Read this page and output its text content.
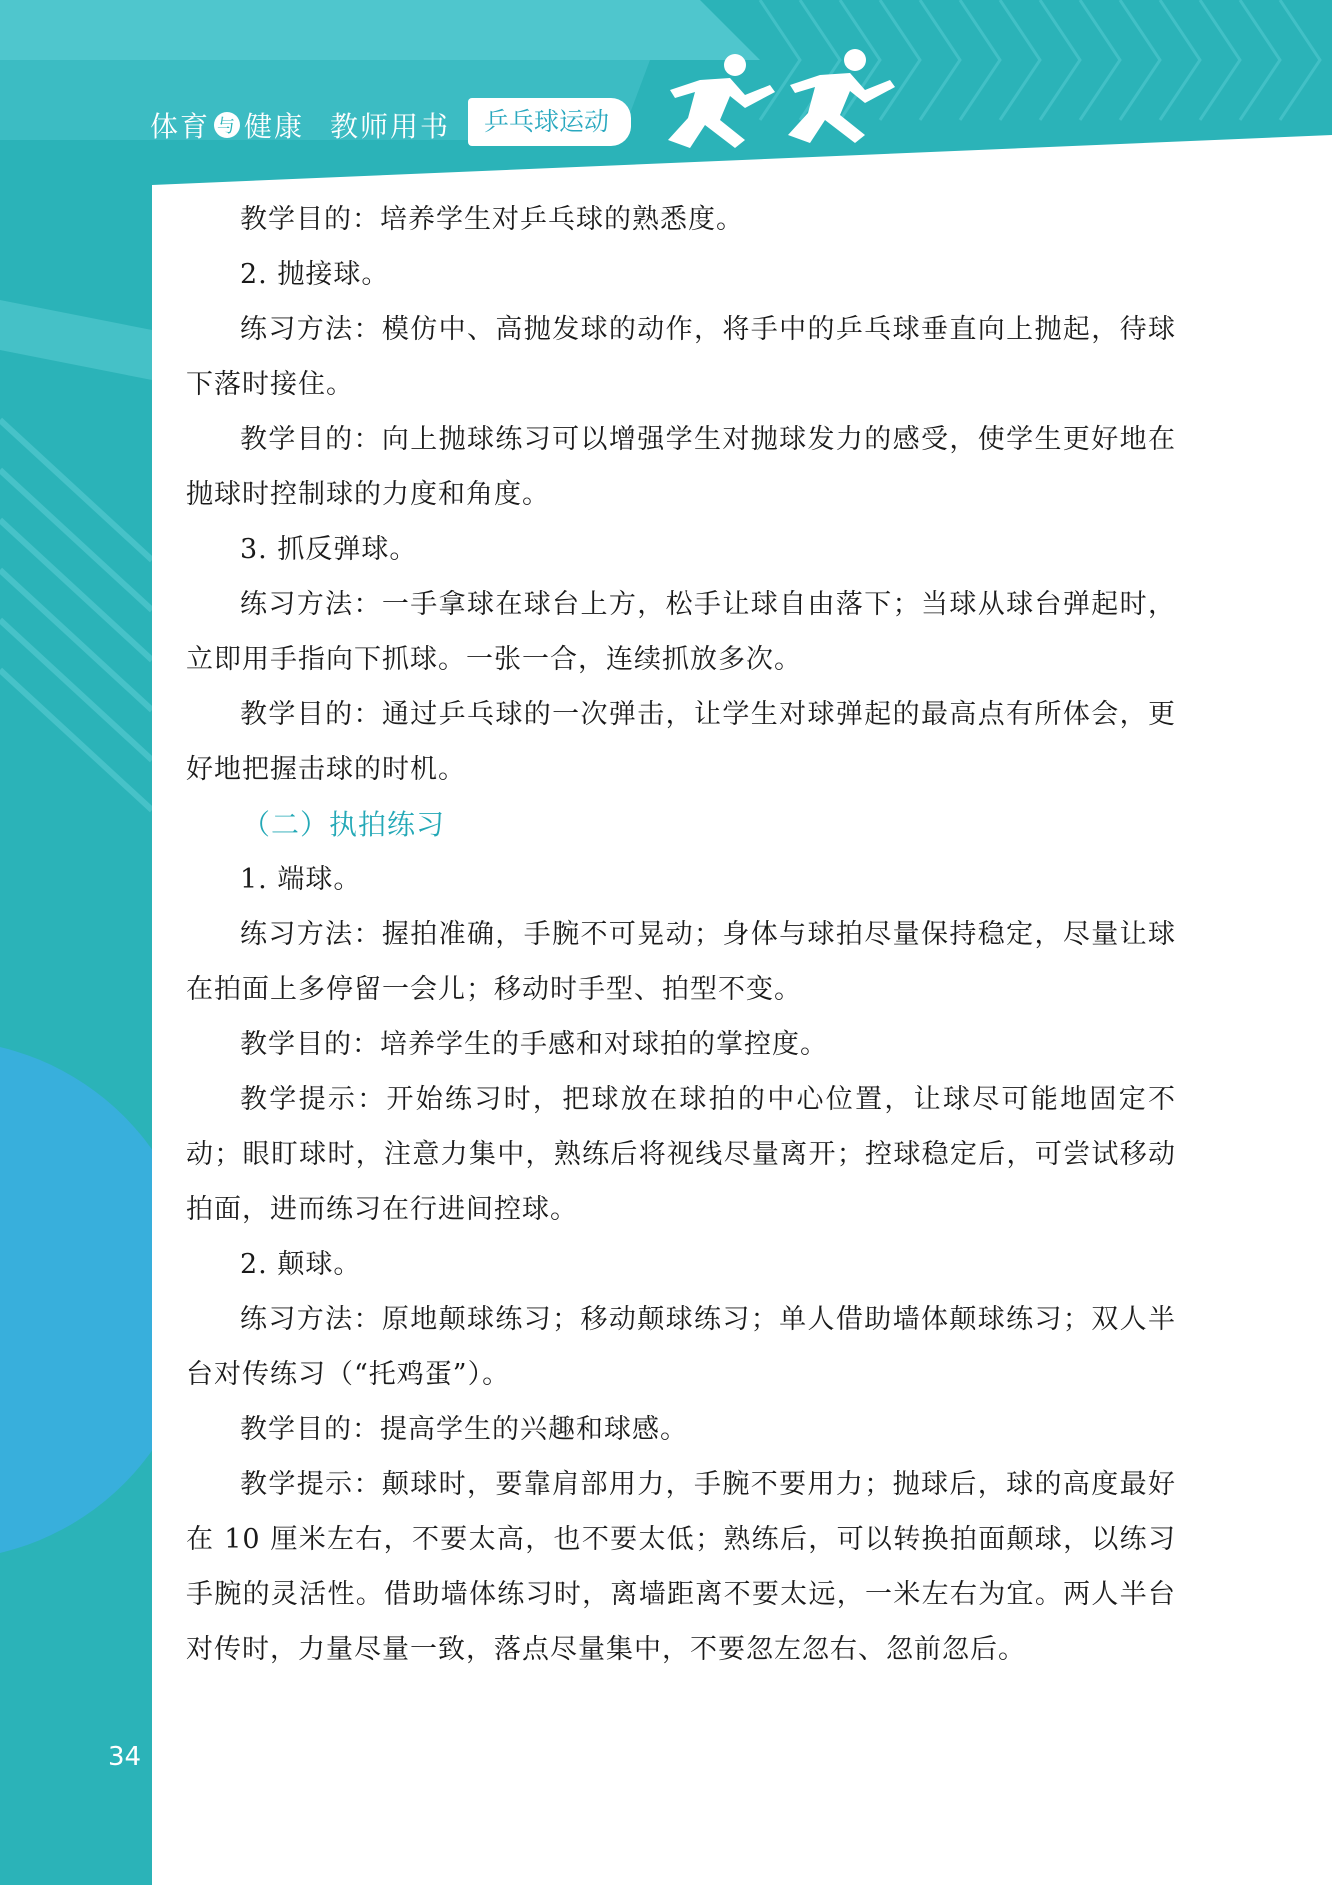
体育 与 健康 教师用书	乒乓球运动

教学目的：培养学生对乒乓球的熟悉度。

2. 抛接球。

练习方法：模仿中、高抛发球的动作，将手中的乒乓球垂直向上抛起，待球下落时接住。

教学目的：向上抛球练习可以增强学生对抛球发力的感受，使学生更好地在抛球时控制球的力度和角度。

3. 抓反弹球。

练习方法：一手拿球在球台上方，松手让球自由落下；当球从球台弹起时，立即用手指向下抓球。一张一合，连续抓放多次。

教学目的：通过乒乓球的一次弹击，让学生对球弹起的最高点有所体会，更好地把握击球的时机。

（二）执拍练习

1. 端球。

练习方法：握拍准确，手腕不可晃动；身体与球拍尽量保持稳定，尽量让球在拍面上多停留一会儿；移动时手型、拍型不变。

教学目的：培养学生的手感和对球拍的掌控度。

教学提示：开始练习时，把球放在球拍的中心位置，让球尽可能地固定不动；眼盯球时，注意力集中，熟练后将视线尽量离开；控球稳定后，可尝试移动拍面，进而练习在行进间控球。

2. 颠球。

练习方法：原地颠球练习；移动颠球练习；单人借助墙体颠球练习；双人半台对传练习（“托鸡蛋”）。

教学目的：提高学生的兴趣和球感。

教学提示：颠球时，要靠肩部用力，手腕不要用力；抛球后，球的高度最好在 10 厘米左右，不要太高，也不要太低；熟练后，可以转换拍面颠球，以练习手腕的灵活性。借助墙体练习时，离墙距离不要太远，一米左右为宜。两人半台对传时，力量尽量一致，落点尽量集中，不要忽左忽右、忽前忽后。

34
